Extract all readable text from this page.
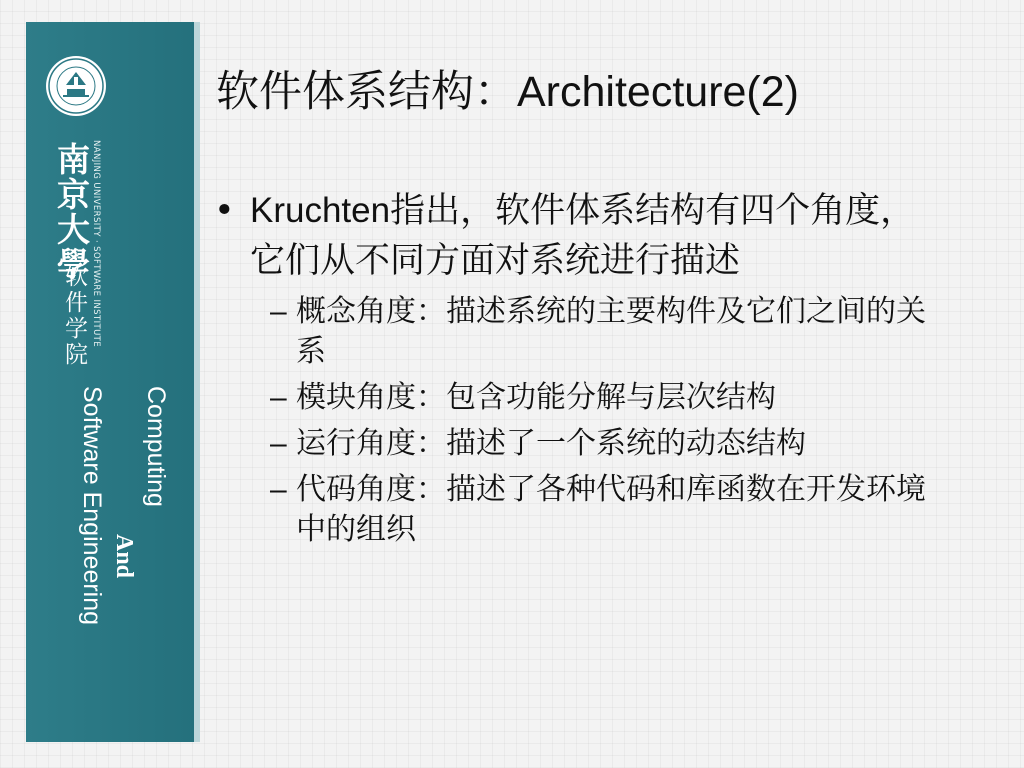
南京大學 NANJING UNIVERSITY · SOFTWARE INSTITUTE
软件学院
Computing
And
Software Engineering
软件体系结构：Architecture(2)
• Kruchten指出，软件体系结构有四个角度，它们从不同方面对系统进行描述
– 概念角度：描述系统的主要构件及它们之间的关系
– 模块角度：包含功能分解与层次结构
– 运行角度：描述了一个系统的动态结构
– 代码角度：描述了各种代码和库函数在开发环境中的组织
